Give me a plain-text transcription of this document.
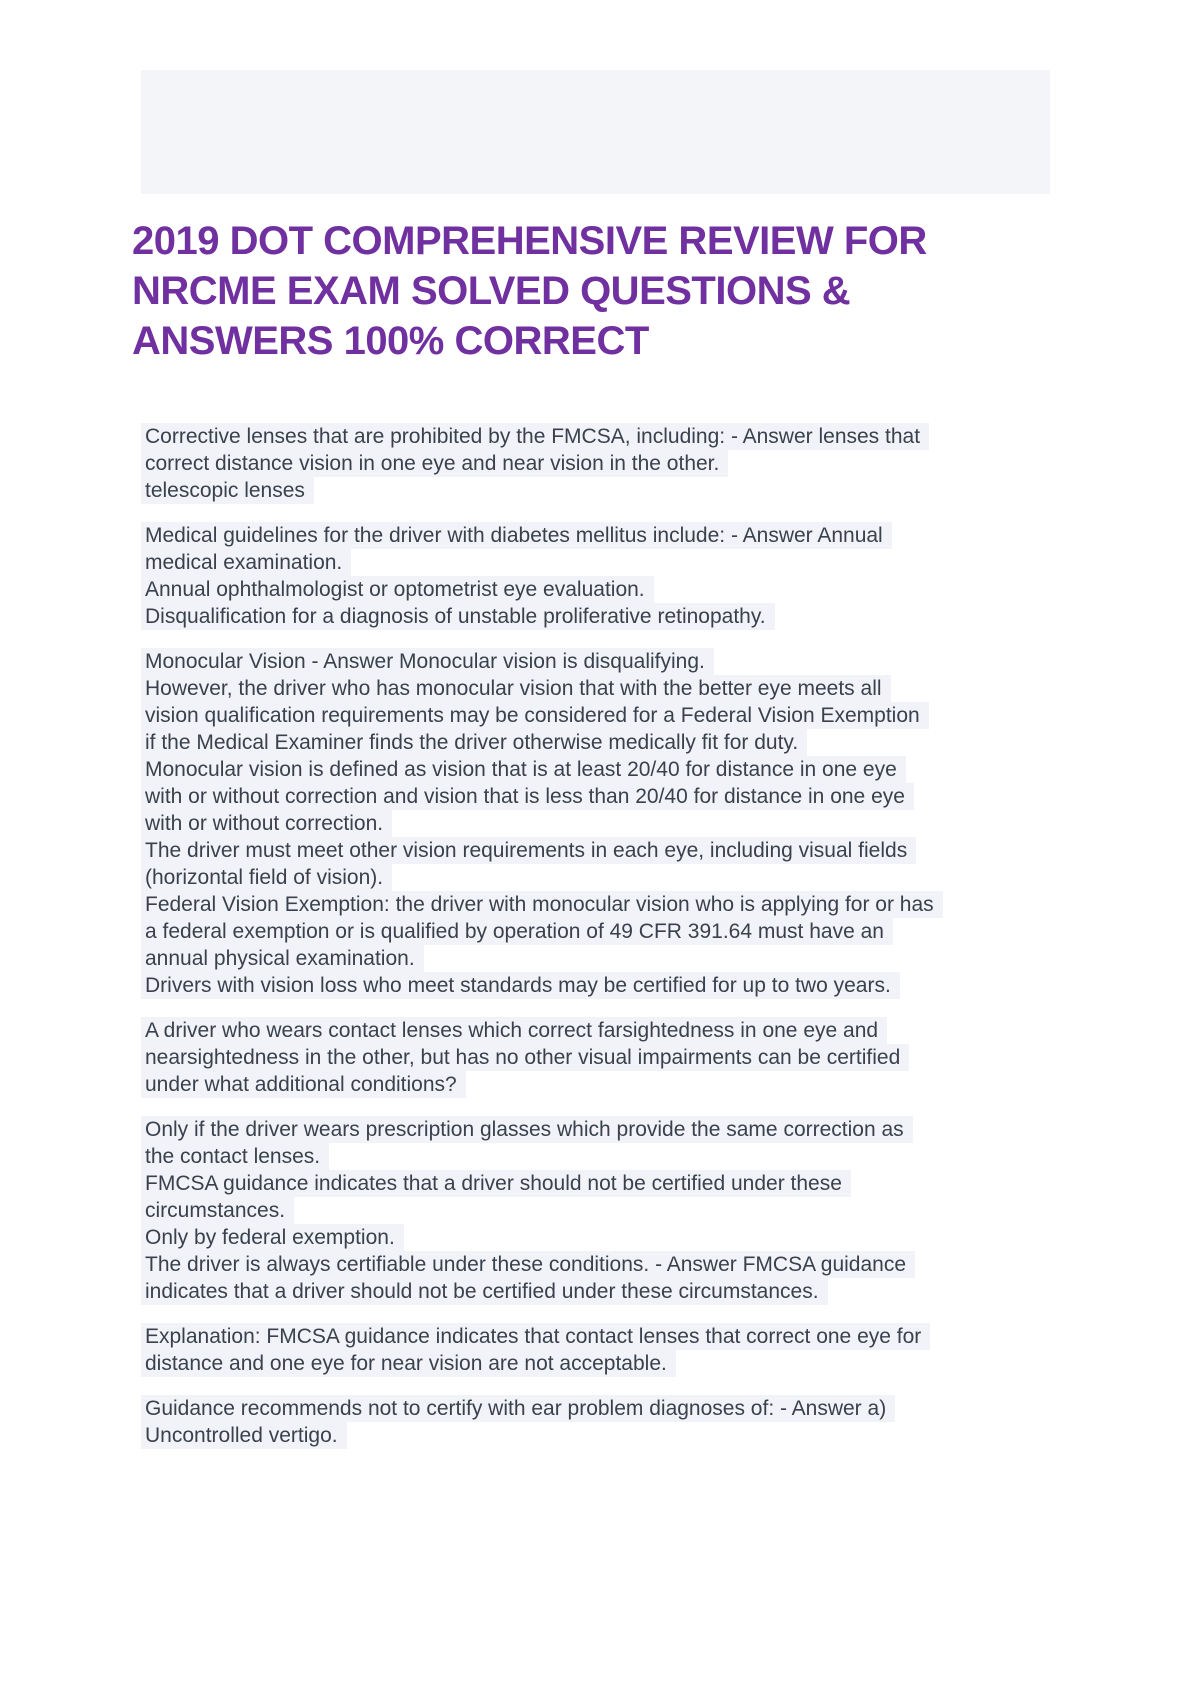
2019 DOT COMPREHENSIVE REVIEW FOR
NRCME EXAM SOLVED QUESTIONS &
ANSWERS 100% CORRECT
Corrective lenses that are prohibited by the FMCSA, including: - Answer lenses that
correct distance vision in one eye and near vision in the other.
telescopic lenses
Medical guidelines for the driver with diabetes mellitus include: - Answer Annual
medical examination.
Annual ophthalmologist or optometrist eye evaluation.
Disqualification for a diagnosis of unstable proliferative retinopathy.
Monocular Vision - Answer Monocular vision is disqualifying.
However, the driver who has monocular vision that with the better eye meets all
vision qualification requirements may be considered for a Federal Vision Exemption
if the Medical Examiner finds the driver otherwise medically fit for duty.
Monocular vision is defined as vision that is at least 20/40 for distance in one eye
with or without correction and vision that is less than 20/40 for distance in one eye
with or without correction.
The driver must meet other vision requirements in each eye, including visual fields
(horizontal field of vision).
Federal Vision Exemption: the driver with monocular vision who is applying for or has
a federal exemption or is qualified by operation of 49 CFR 391.64 must have an
annual physical examination.
Drivers with vision loss who meet standards may be certified for up to two years.
A driver who wears contact lenses which correct farsightedness in one eye and
nearsightedness in the other, but has no other visual impairments can be certified
under what additional conditions?
Only if the driver wears prescription glasses which provide the same correction as
the contact lenses.
FMCSA guidance indicates that a driver should not be certified under these
circumstances.
Only by federal exemption.
The driver is always certifiable under these conditions. - Answer FMCSA guidance
indicates that a driver should not be certified under these circumstances.
Explanation: FMCSA guidance indicates that contact lenses that correct one eye for
distance and one eye for near vision are not acceptable.
Guidance recommends not to certify with ear problem diagnoses of: - Answer a)
Uncontrolled vertigo.
